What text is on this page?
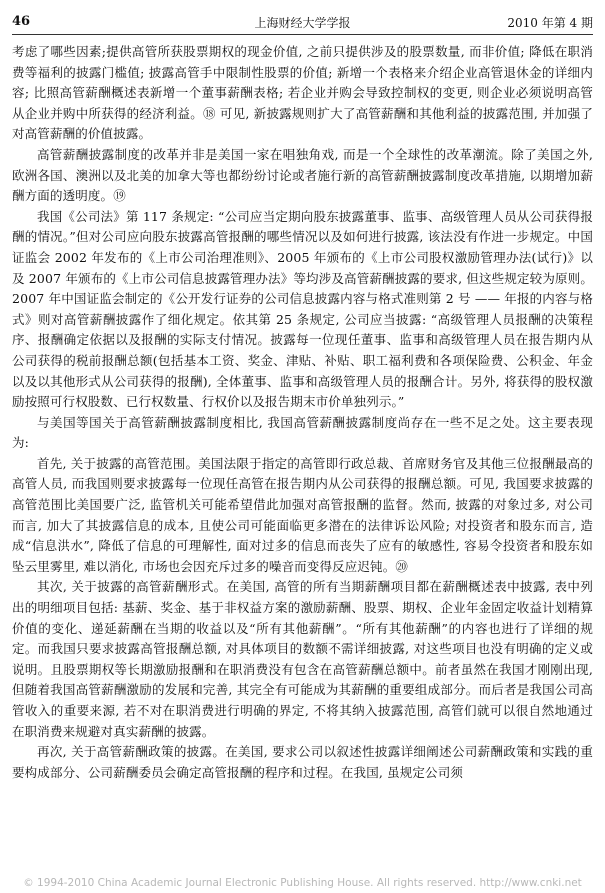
46	上海财经大学学报	2010 年第 4 期

考虑了哪些因素;提供高管所获股票期权的现金价值, 之前只提供涉及的股票数量, 而非价值; 降低在职消费等福利的披露门槛值; 披露高管手中限制性股票的价值; 新增一个表格来介绍企业高管退休金的详细内容; 比照高管薪酬概述表新增一个董事薪酬表格; 若企业并购会导致控制权的变更, 则企业必须说明高管从企业并购中所获得的经济利益。⑱ 可见, 新披露规则扩大了高管薪酬和其他利益的披露范围, 并加强了对高管薪酬的价值披露。

高管薪酬披露制度的改革并非是美国一家在唱独角戏, 而是一个全球性的改革潮流。除了美国之外, 欧洲各国、澳洲以及北美的加拿大等也都纷纷讨论或者施行新的高管薪酬披露制度改革措施, 以期增加薪酬方面的透明度。⑲

我国《公司法》第 117 条规定: “公司应当定期向股东披露董事、监事、高级管理人员从公司获得报酬的情况。”但对公司应向股东披露高管报酬的哪些情况以及如何进行披露, 该法没有作进一步规定。中国证监会 2002 年发布的《上市公司治理准则》、2005 年颁布的《上市公司股权激励管理办法(试行)》以及 2007 年颁布的《上市公司信息披露管理办法》等均涉及高管薪酬披露的要求, 但这些规定较为原则。2007 年中国证监会制定的《公开发行证券的公司信息披露内容与格式准则第 2 号 —— 年报的内容与格式》则对高管薪酬披露作了细化规定。依其第 25 条规定, 公司应当披露: “高级管理人员报酬的决策程序、报酬确定依据以及报酬的实际支付情况。披露每一位现任董事、监事和高级管理人员在报告期内从公司获得的税前报酬总额(包括基本工资、奖金、津贴、补贴、职工福利费和各项保险费、公积金、年金以及以其他形式从公司获得的报酬), 全体董事、监事和高级管理人员的报酬合计。另外, 将获得的股权激励按照可行权股数、已行权数量、行权价以及报告期末市价单独列示。”

与美国等国关于高管薪酬披露制度相比, 我国高管薪酬披露制度尚存在一些不足之处。这主要表现为:

首先, 关于披露的高管范围。美国法限于指定的高管即行政总裁、首席财务官及其他三位报酬最高的高管人员, 而我国则要求披露每一位现任高管在报告期内从公司获得的报酬总额。可见, 我国要求披露的高管范围比美国要广泛, 监管机关可能希望借此加强对高管报酬的监督。然而, 披露的对象过多, 对公司而言, 加大了其披露信息的成本, 且使公司可能面临更多潜在的法律诉讼风险; 对投资者和股东而言, 造成“信息洪水”, 降低了信息的可理解性, 面对过多的信息而丧失了应有的敏感性, 容易令投资者和股东如坠云里雾里, 难以消化, 市场也会因充斥过多的噪音而变得反应迟钝。⑳

其次, 关于披露的高管薪酬形式。在美国, 高管的所有当期薪酬项目都在薪酬概述表中披露, 表中列出的明细项目包括: 基薪、奖金、基于非权益方案的激励薪酬、股票、期权、企业年金固定收益计划精算价值的变化、递延薪酬在当期的收益以及“所有其他薪酬”。“所有其他薪酬”的内容也进行了详细的规定。而我国只要求披露高管报酬总额, 对具体项目的数额不需详细披露, 对这些项目也没有明确的定义或说明。且股票期权等长期激励报酬和在职消费没有包含在高管薪酬总额中。前者虽然在我国才刚刚出现, 但随着我国高管薪酬激励的发展和完善, 其完全有可能成为其薪酬的重要组成部分。而后者是我国公司高管收入的重要来源, 若不对在职消费进行明确的界定, 不将其纳入披露范围, 高管们就可以很自然地通过在职消费来规避对真实薪酬的披露。

再次, 关于高管薪酬政策的披露。在美国, 要求公司以叙述性披露详细阐述公司薪酬政策和实践的重要构成部分、公司薪酬委员会确定高管报酬的程序和过程。在我国, 虽规定公司须

© 1994-2010 China Academic Journal Electronic Publishing House. All rights reserved. http://www.cnki.net
